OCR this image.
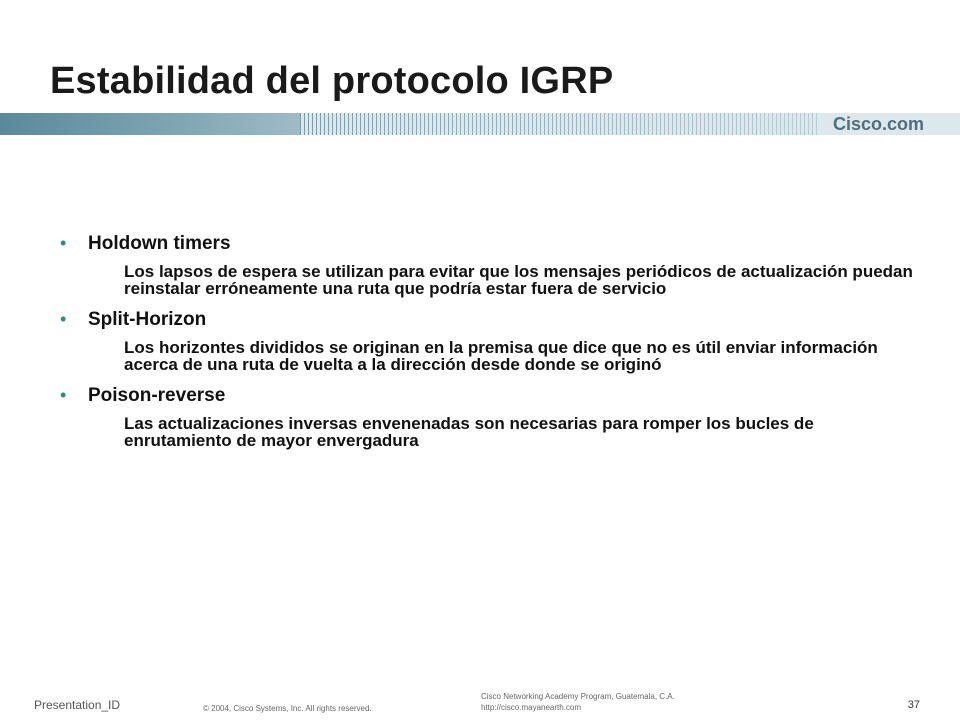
Estabilidad del protocolo IGRP
Cisco.com
•	Holdown timers
Los lapsos de espera se utilizan para evitar que los mensajes periódicos de actualización puedan reinstalar erróneamente una ruta que podría estar fuera de servicio
•	Split-Horizon
Los horizontes divididos se originan en la premisa que dice que no es útil enviar información acerca de una ruta de vuelta a la dirección desde donde se originó
•	Poison-reverse
Las actualizaciones inversas envenenadas son necesarias para romper los bucles de enrutamiento de mayor envergadura
Presentation_ID	© 2004, Cisco Systems, Inc. All rights reserved.
Cisco Networking Academy Program, Guatemala, C.A.
http://cisco.mayanearth.com	37
